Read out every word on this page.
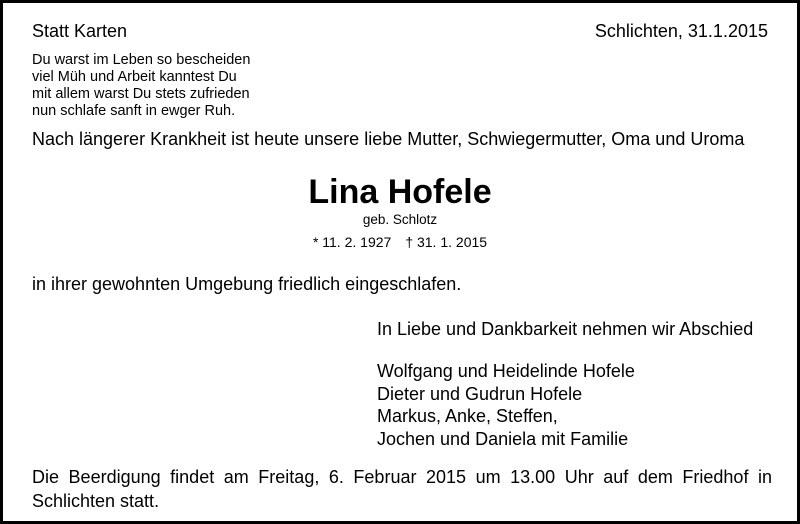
Statt Karten	Schlichten, 31.1.2015
Du warst im Leben so bescheiden
viel Müh und Arbeit kanntest Du
mit allem warst Du stets zufrieden
nun schlafe sanft in ewger Ruh.
Nach längerer Krankheit ist heute unsere liebe Mutter, Schwiegermutter, Oma und Uroma
Lina Hofele
geb. Schlotz
* 11. 2. 1927 † 31. 1. 2015
in ihrer gewohnten Umgebung friedlich eingeschlafen.
In Liebe und Dankbarkeit nehmen wir Abschied
Wolfgang und Heidelinde Hofele
Dieter und Gudrun Hofele
Markus, Anke, Steffen,
Jochen und Daniela mit Familie
Die Beerdigung findet am Freitag, 6. Februar 2015 um 13.00 Uhr auf dem Friedhof in Schlichten statt.
